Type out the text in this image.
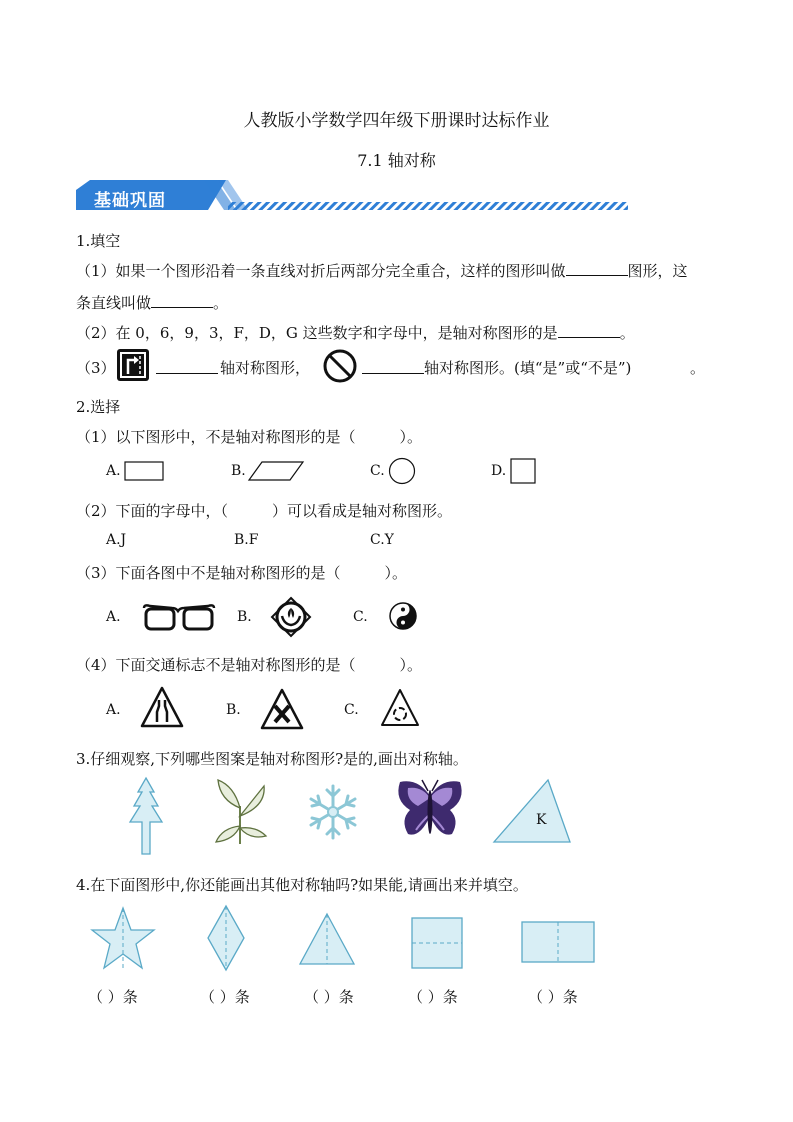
人教版小学数学四年级下册课时达标作业
7.1 轴对称
基础巩固
1.填空
（1）如果一个图形沿着一条直线对折后两部分完全重合，这样的图形叫做	图形，这
条直线叫做	。
（2）在 0，6，9，3，F，D，G 这些数字和字母中，是轴对称图形的是	。
（3）	轴对称图形，	轴对称图形。(填“是”或“不是”)	。
2.选择
（1）以下图形中，不是轴对称图形的是（	）。
A.	B.	C.	D.
（2）下面的字母中，（	）可以看成是轴对称图形。
A.J	B.F	C.Y
（3）下面各图中不是轴对称图形的是（	）。
A.	B.	C.
（4）下面交通标志不是轴对称图形的是（	）。
A.	B.	C.
3.仔细观察,下列哪些图案是轴对称图形?是的,画出对称轴。
K
4.在下面图形中,你还能画出其他对称轴吗?如果能,请画出来并填空。
（ ）条	（ ）条	（ ）条	（ ）条	（ ）条
